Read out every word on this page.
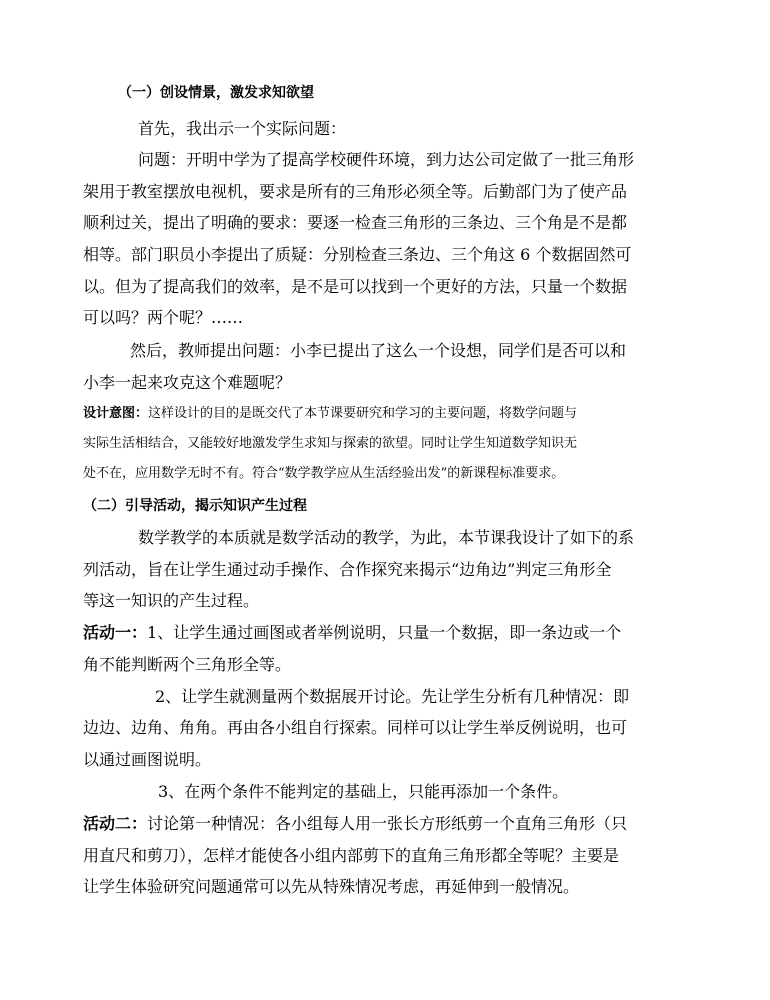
（一）创设情景，激发求知欲望
首先，我出示一个实际问题：
问题：开明中学为了提高学校硬件环境，到力达公司定做了一批三角形
架用于教室摆放电视机，要求是所有的三角形必须全等。后勤部门为了使产品
顺利过关，提出了明确的要求：要逐一检查三角形的三条边、三个角是不是都
相等。部门职员小李提出了质疑：分别检查三条边、三个角这 6 个数据固然可
以。但为了提高我们的效率，是不是可以找到一个更好的方法，只量一个数据
可以吗？两个呢？……
然后，教师提出问题：小李已提出了这么一个设想，同学们是否可以和
小李一起来攻克这个难题呢？
设计意图：这样设计的目的是既交代了本节课要研究和学习的主要问题，将数学问题与
实际生活相结合，又能较好地激发学生求知与探索的欲望。同时让学生知道数学知识无
处不在，应用数学无时不有。符合“数学教学应从生活经验出发”的新课程标准要求。
（二）引导活动，揭示知识产生过程
数学教学的本质就是数学活动的教学，为此，本节课我设计了如下的系
列活动，旨在让学生通过动手操作、合作探究来揭示“边角边”判定三角形全
等这一知识的产生过程。
活动一：1、让学生通过画图或者举例说明，只量一个数据，即一条边或一个
角不能判断两个三角形全等。
2、让学生就测量两个数据展开讨论。先让学生分析有几种情况：即
边边、边角、角角。再由各小组自行探索。同样可以让学生举反例说明，也可
以通过画图说明。
3、在两个条件不能判定的基础上，只能再添加一个条件。
活动二：讨论第一种情况：各小组每人用一张长方形纸剪一个直角三角形（只
用直尺和剪刀），怎样才能使各小组内部剪下的直角三角形都全等呢？主要是
让学生体验研究问题通常可以先从特殊情况考虑，再延伸到一般情况。
